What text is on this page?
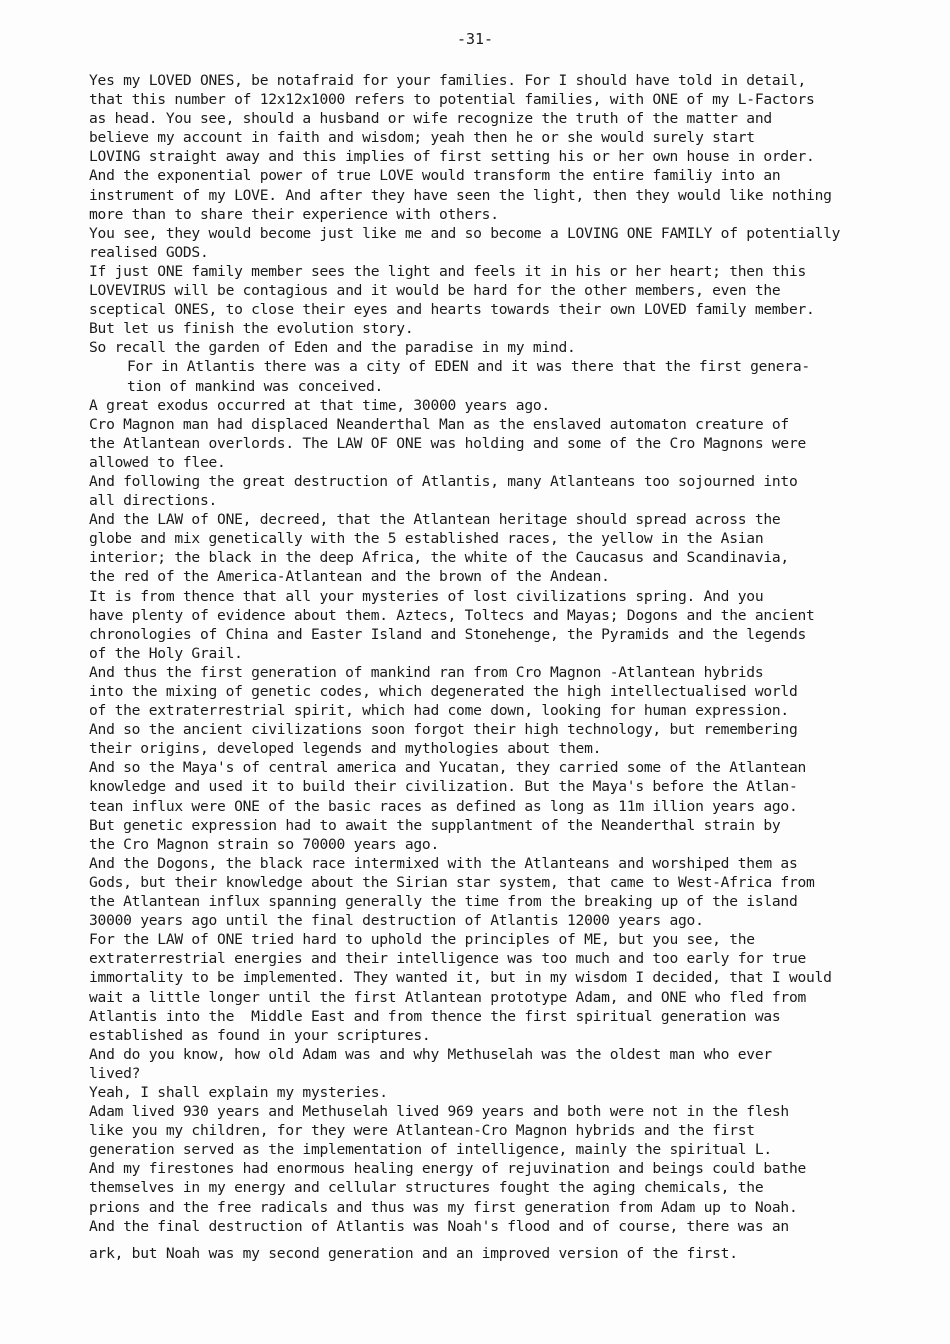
-31-
Yes my LOVED ONES, be notafraid for your families. For I should have told in detail,
that this number of 12x12x1000 refers to potential families, with ONE of my L-Factors
as head. You see, should a husband or wife recognize the truth of the matter and
believe my account in faith and wisdom; yeah then he or she would surely start
LOVING straight away and this implies of first setting his or her own house in order.
And the exponential power of true LOVE would transform the entire familiy into an
instrument of my LOVE. And after they have seen the light, then they would like nothing
more than to share their experience with others.
You see, they would become just like me and so become a LOVING ONE FAMILY of potentially
realised GODS.
If just ONE family member sees the light and feels it in his or her heart; then this
LOVEVIRUS will be contagious and it would be hard for the other members, even the
sceptical ONES, to close their eyes and hearts towards their own LOVED family member.
But let us finish the evolution story.
So recall the garden of Eden and the paradise in my mind.
For in Atlantis there was a city of EDEN and it was there that the first genera-
tion of mankind was conceived.
A great exodus occurred at that time, 30000 years ago.
Cro Magnon man had displaced Neanderthal Man as the enslaved automaton creature of
the Atlantean overlords. The LAW OF ONE was holding and some of the Cro Magnons were
allowed to flee.
And following the great destruction of Atlantis, many Atlanteans too sojourned into
all directions.
And the LAW of ONE, decreed, that the Atlantean heritage should spread across the
globe and mix genetically with the 5 established races, the yellow in the Asian
interior; the black in the deep Africa, the white of the Caucasus and Scandinavia,
the red of the America-Atlantean and the brown of the Andean.
It is from thence that all your mysteries of lost civilizations spring. And you
have plenty of evidence about them. Aztecs, Toltecs and Mayas; Dogons and the ancient
chronologies of China and Easter Island and Stonehenge, the Pyramids and the legends
of the Holy Grail.
And thus the first generation of mankind ran from Cro Magnon -Atlantean hybrids
into the mixing of genetic codes, which degenerated the high intellectualised world
of the extraterrestrial spirit, which had come down, looking for human expression.
And so the ancient civilizations soon forgot their high technology, but remembering
their origins, developed legends and mythologies about them.
And so the Maya's of central america and Yucatan, they carried some of the Atlantean
knowledge and used it to build their civilization. But the Maya's before the Atlan-
tean influx were ONE of the basic races as defined as long as 11m illion years ago.
But genetic expression had to await the supplantment of the Neanderthal strain by
the Cro Magnon strain so 70000 years ago.
And the Dogons, the black race intermixed with the Atlanteans and worshiped them as
Gods, but their knowledge about the Sirian star system, that came to West-Africa from
the Atlantean influx spanning generally the time from the breaking up of the island
30000 years ago until the final destruction of Atlantis 12000 years ago.
For the LAW of ONE tried hard to uphold the principles of ME, but you see, the
extraterrestrial energies and their intelligence was too much and too early for true
immortality to be implemented. They wanted it, but in my wisdom I decided, that I would
wait a little longer until the first Atlantean prototype Adam, and ONE who fled from
Atlantis into the  Middle East and from thence the first spiritual generation was
established as found in your scriptures.
And do you know, how old Adam was and why Methuselah was the oldest man who ever
lived?
Yeah, I shall explain my mysteries.
Adam lived 930 years and Methuselah lived 969 years and both were not in the flesh
like you my children, for they were Atlantean-Cro Magnon hybrids and the first
generation served as the implementation of intelligence, mainly the spiritual L.
And my firestones had enormous healing energy of rejuvination and beings could bathe
themselves in my energy and cellular structures fought the aging chemicals, the
prions and the free radicals and thus was my first generation from Adam up to Noah.
And the final destruction of Atlantis was Noah's flood and of course, there was an
ark, but Noah was my second generation and an improved version of the first.
